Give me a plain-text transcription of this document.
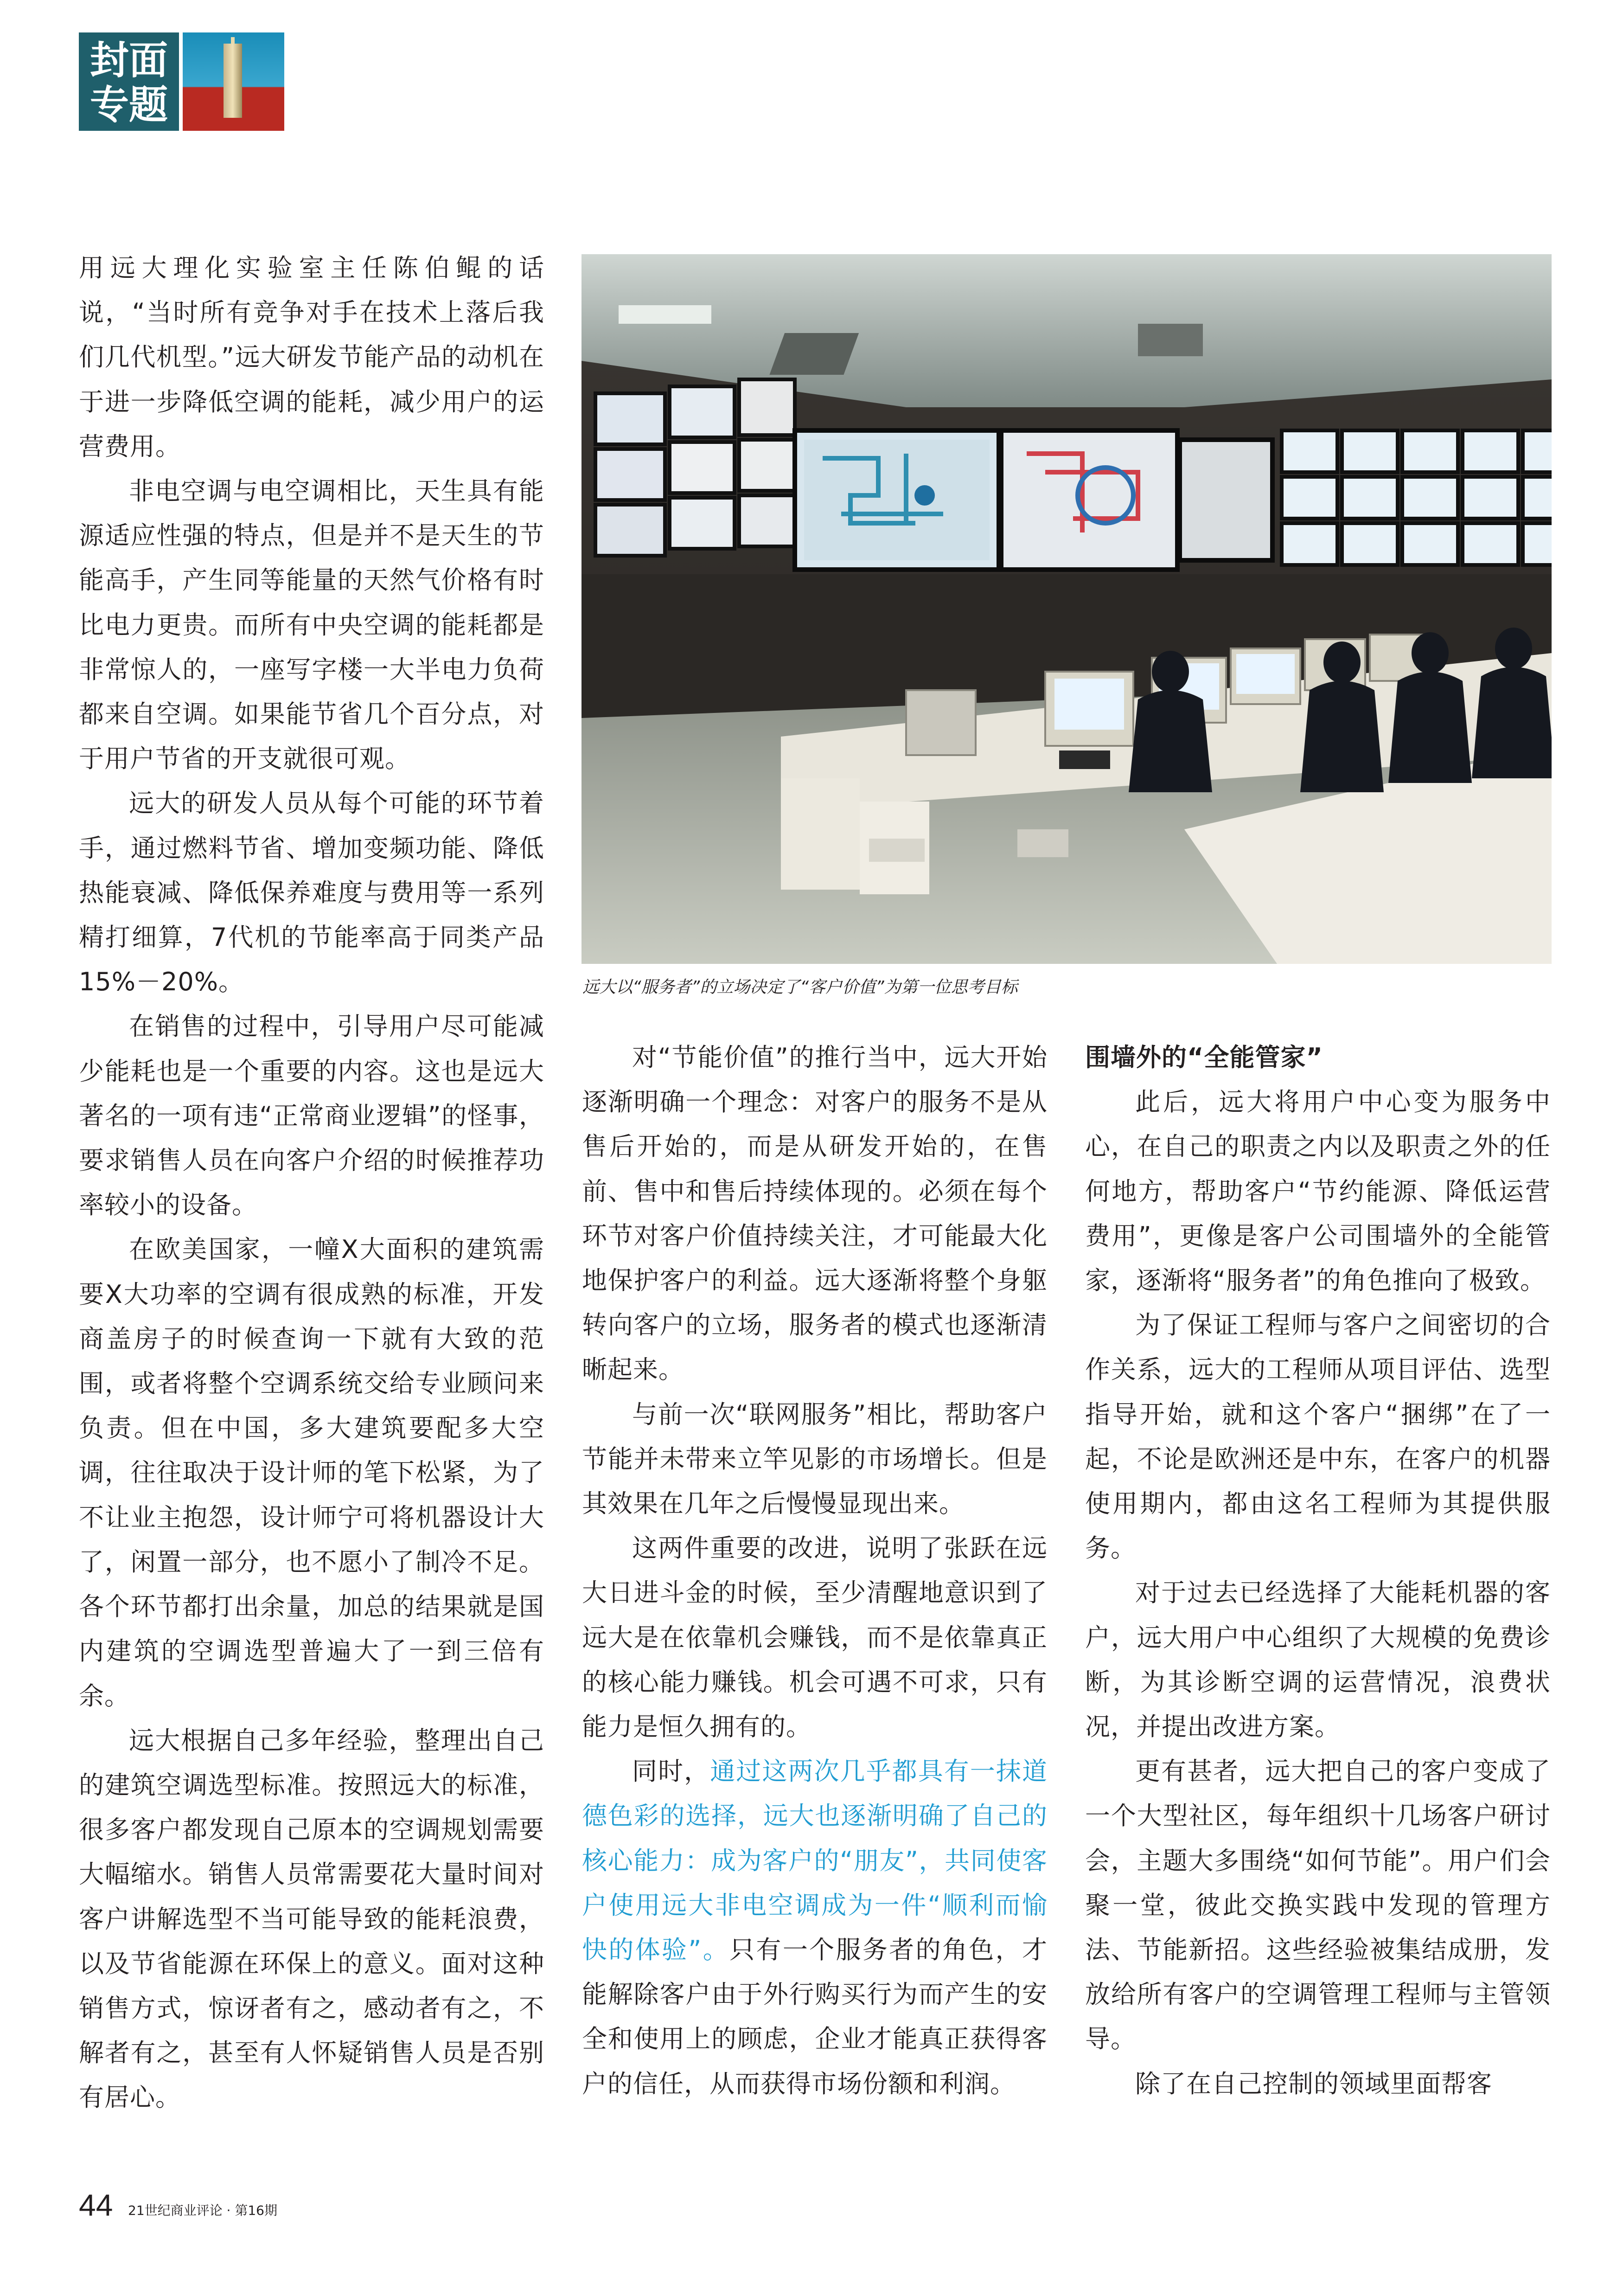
封面
专题

用远大理化实验室主任陈伯鲲的话说，“当时所有竞争对手在技术上落后我们几代机型。”远大研发节能产品的动机在于进一步降低空调的能耗，减少用户的运营费用。

非电空调与电空调相比，天生具有能源适应性强的特点，但是并不是天生的节能高手，产生同等能量的天然气价格有时比电力更贵。而所有中央空调的能耗都是非常惊人的，一座写字楼一大半电力负荷都来自空调。如果能节省几个百分点，对于用户节省的开支就很可观。

远大的研发人员从每个可能的环节着手，通过燃料节省、增加变频功能、降低热能衰减、降低保养难度与费用等一系列精打细算，7代机的节能率高于同类产品15%－20%。

在销售的过程中，引导用户尽可能减少能耗也是一个重要的内容。这也是远大著名的一项有违“正常商业逻辑”的怪事，要求销售人员在向客户介绍的时候推荐功率较小的设备。

在欧美国家，一幢X大面积的建筑需要X大功率的空调有很成熟的标准，开发商盖房子的时候查询一下就有大致的范围，或者将整个空调系统交给专业顾问来负责。但在中国，多大建筑要配多大空调，往往取决于设计师的笔下松紧，为了不让业主抱怨，设计师宁可将机器设计大了，闲置一部分，也不愿小了制冷不足。各个环节都打出余量，加总的结果就是国内建筑的空调选型普遍大了一到三倍有余。

远大根据自己多年经验，整理出自己的建筑空调选型标准。按照远大的标准，很多客户都发现自己原本的空调规划需要大幅缩水。销售人员常需要花大量时间对客户讲解选型不当可能导致的能耗浪费，以及节省能源在环保上的意义。面对这种销售方式，惊讶者有之，感动者有之，不解者有之，甚至有人怀疑销售人员是否别有居心。

远大以“服务者”的立场决定了“客户价值”为第一位思考目标

对“节能价值”的推行当中，远大开始逐渐明确一个理念：对客户的服务不是从售后开始的，而是从研发开始的，在售前、售中和售后持续体现的。必须在每个环节对客户价值持续关注，才可能最大化地保护客户的利益。远大逐渐将整个身躯转向客户的立场，服务者的模式也逐渐清晰起来。

与前一次“联网服务”相比，帮助客户节能并未带来立竿见影的市场增长。但是其效果在几年之后慢慢显现出来。

这两件重要的改进，说明了张跃在远大日进斗金的时候，至少清醒地意识到了远大是在依靠机会赚钱，而不是依靠真正的核心能力赚钱。机会可遇不可求，只有能力是恒久拥有的。

同时，通过这两次几乎都具有一抹道德色彩的选择，远大也逐渐明确了自己的核心能力：成为客户的“朋友”，共同使客户使用远大非电空调成为一件“顺利而愉快的体验”。只有一个服务者的角色，才能解除客户由于外行购买行为而产生的安全和使用上的顾虑，企业才能真正获得客户的信任，从而获得市场份额和利润。

围墙外的“全能管家”

此后，远大将用户中心变为服务中心，在自己的职责之内以及职责之外的任何地方，帮助客户“节约能源、降低运营费用”，更像是客户公司围墙外的全能管家，逐渐将“服务者”的角色推向了极致。

为了保证工程师与客户之间密切的合作关系，远大的工程师从项目评估、选型指导开始，就和这个客户“捆绑”在了一起，不论是欧洲还是中东，在客户的机器使用期内，都由这名工程师为其提供服务。

对于过去已经选择了大能耗机器的客户，远大用户中心组织了大规模的免费诊断，为其诊断空调的运营情况，浪费状况，并提出改进方案。

更有甚者，远大把自己的客户变成了一个大型社区，每年组织十几场客户研讨会，主题大多围绕“如何节能”。用户们会聚一堂，彼此交换实践中发现的管理方法、节能新招。这些经验被集结成册，发放给所有客户的空调管理工程师与主管领导。

除了在自己控制的领域里面帮客

44 21世纪商业评论 · 第16期
